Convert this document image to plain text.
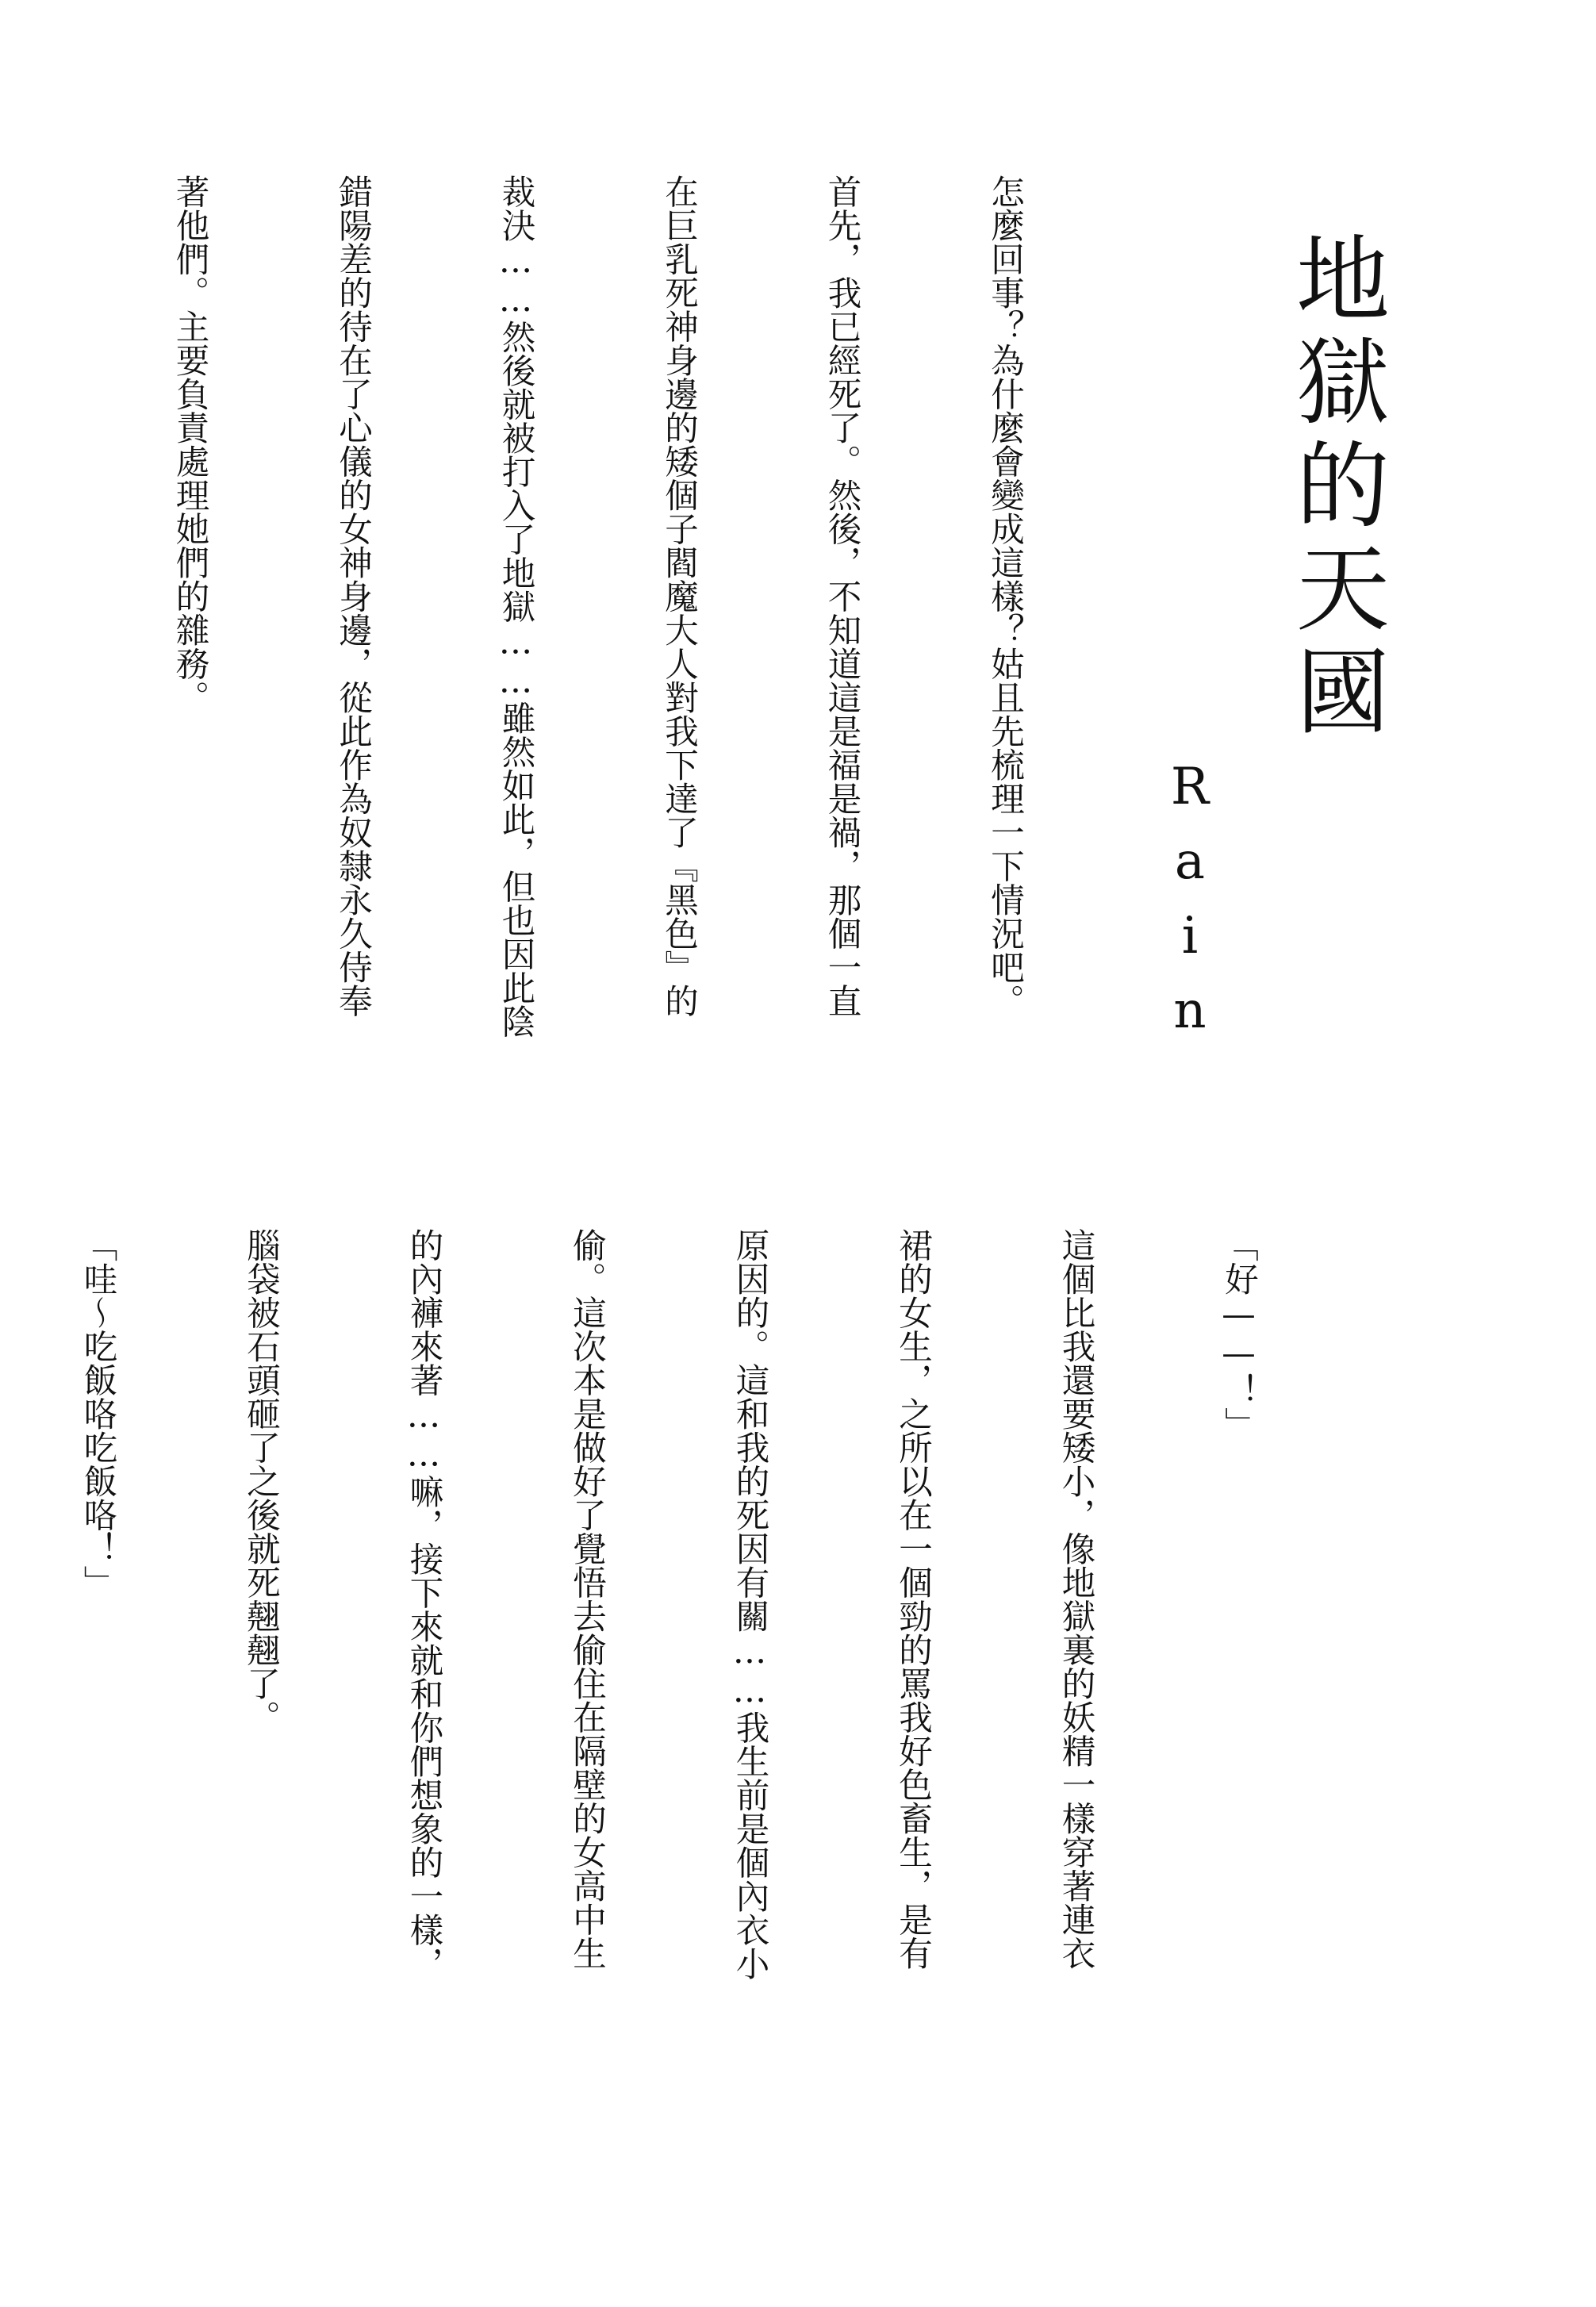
地獄的天國
Rain

怎麼回事？為什麼會變成這樣？姑且先梳理一下情況吧。

首先，我已經死了。然後，不知道這是福是禍，那個一直

在巨乳死神身邊的矮個子閻魔大人對我下達了『黑色』的

裁決……然後就被打入了地獄……雖然如此，但也因此陰

錯陽差的待在了心儀的女神身邊，從此作為奴隸永久侍奉

著他們。主要負責處理她們的雜務。

「好——！」

這個比我還要矮小，像地獄裏的妖精一樣穿著連衣

裙的女生，之所以在一個勁的罵我好色畜生，是有

原因的。這和我的死因有關……我生前是個內衣小

偷。這次本是做好了覺悟去偷住在隔壁的女高中生

的內褲來著……嘛，接下來就和你們想象的一樣，

腦袋被石頭砸了之後就死翹翹了。

「哇～吃飯咯吃飯咯！」
